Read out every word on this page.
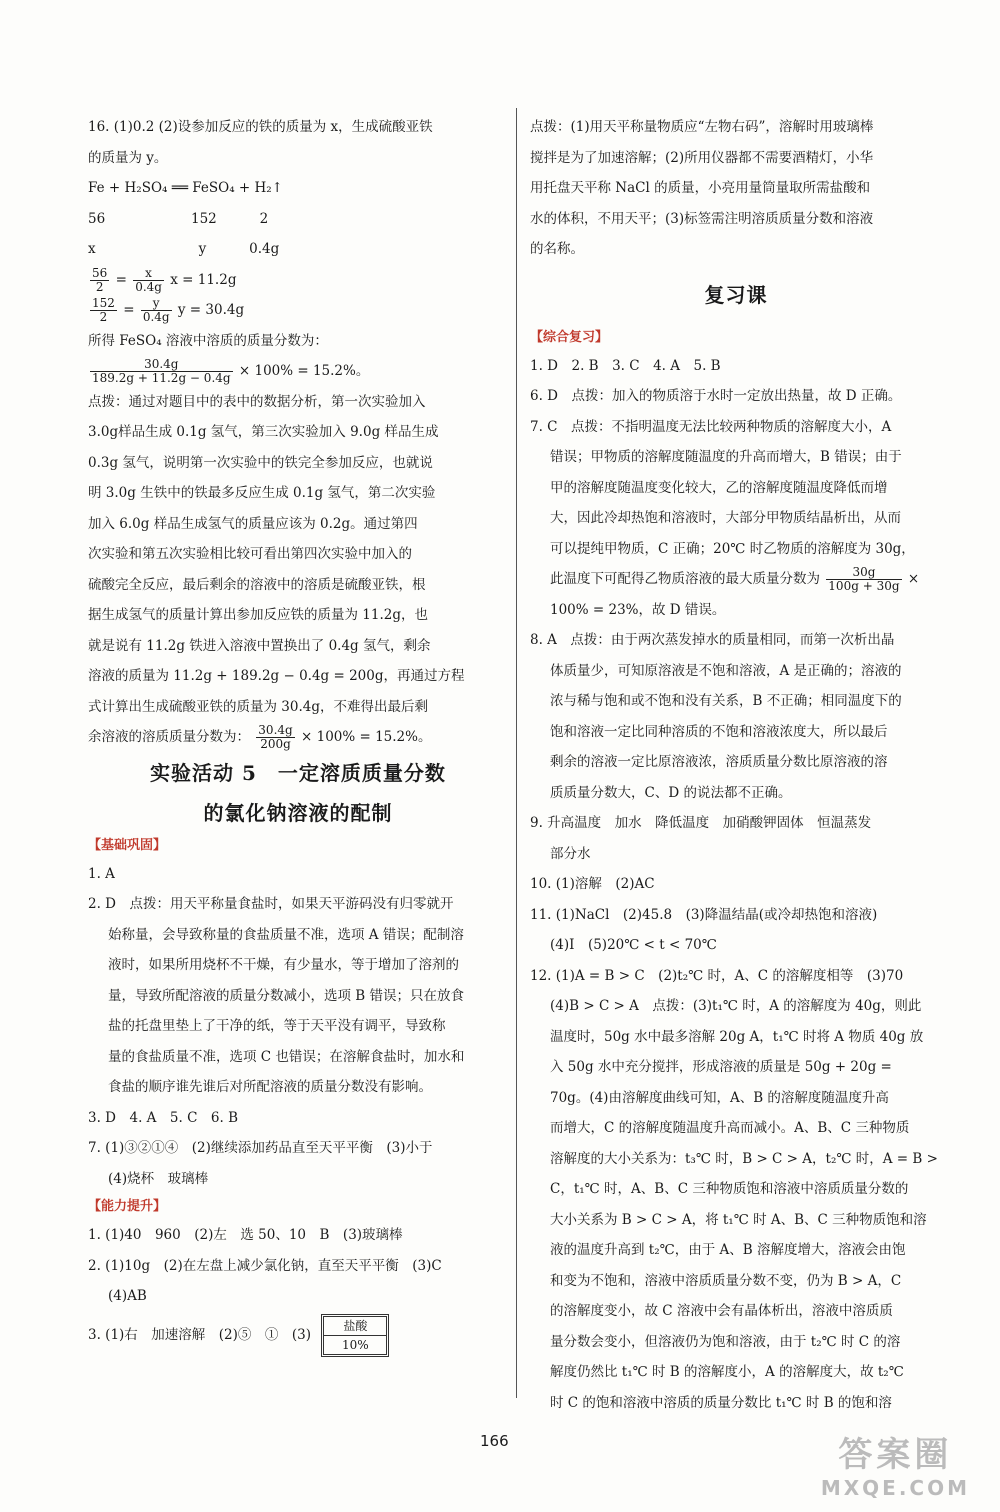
16. (1)0.2 (2)设参加反应的铁的质量为 x，生成硫酸亚铁
的质量为 y。
Fe + H₂SO₄ ══ FeSO₄ + H₂↑
56                    152          2
x                        y          0.4g
$\frac{56}{2} = \frac{x}{0.4g}$ x = 11.2g
$\frac{152}{2} = \frac{y}{0.4g}$ y = 30.4g
所得 FeSO₄ 溶液中溶质的质量分数为：
$\frac{30.4g}{189.2g + 11.2g - 0.4g} \times 100\% = 15.2\%$。
点拨：通过对题目中的表中的数据分析，第一次实验加入
3.0g样品生成 0.1g 氢气，第三次实验加入 9.0g 样品生成
0.3g 氢气，说明第一次实验中的铁完全参加反应，也就说
明 3.0g 生铁中的铁最多反应生成 0.1g 氢气，第二次实验
加入 6.0g 样品生成氢气的质量应该为 0.2g。通过第四
次实验和第五次实验相比较可看出第四次实验中加入的
硫酸完全反应，最后剩余的溶液中的溶质是硫酸亚铁，根
据生成氢气的质量计算出参加反应铁的质量为 11.2g，也
就是说有 11.2g 铁进入溶液中置换出了 0.4g 氢气，剩余
溶液的质量为 11.2g + 189.2g − 0.4g = 200g，再通过方程
式计算出生成硫酸亚铁的质量为 30.4g，不难得出最后剩
余溶液的溶质质量分数为： $\frac{30.4g}{200g} \times 100\% = 15.2\%$。
实验活动 5　一定溶质质量分数
的氯化钠溶液的配制
【基础巩固】
1. A
2. D　点拨：用天平称量食盐时，如果天平游码没有归零就开
始称量，会导致称量的食盐质量不准，选项 A 错误；配制溶
液时，如果所用烧杯不干燥，有少量水，等于增加了溶剂的
量，导致所配溶液的质量分数减小，选项 B 错误；只在放食
盐的托盘里垫上了干净的纸，等于天平没有调平，导致称
量的食盐质量不准，选项 C 也错误；在溶解食盐时，加水和
食盐的顺序谁先谁后对所配溶液的质量分数没有影响。
3. D　4. A　5. C　6. B
7. (1)③②①④　(2)继续添加药品直至天平平衡　(3)小于
(4)烧杯　玻璃棒
【能力提升】
1. (1)40　960　(2)左　选 50、10　B　(3)玻璃棒
2. (1)10g　(2)在左盘上减少氯化钠，直至天平平衡　(3)C
(4)AB
3. (1)右　加速溶解　(2)⑤　①　(3)
盐酸
10%
点拨：(1)用天平称量物质应“左物右码”，溶解时用玻璃棒
搅拌是为了加速溶解；(2)所用仪器都不需要酒精灯，小华
用托盘天平称 NaCl 的质量，小亮用量筒量取所需盐酸和
水的体积，不用天平；(3)标签需注明溶质质量分数和溶液
的名称。
复习课
【综合复习】
1. D　2. B　3. C　4. A　5. B
6. D　点拨：加入的物质溶于水时一定放出热量，故 D 正确。
7. C　点拨：不指明温度无法比较两种物质的溶解度大小，A
错误；甲物质的溶解度随温度的升高而增大，B 错误；由于
甲的溶解度随温度变化较大，乙的溶解度随温度降低而增
大，因此冷却热饱和溶液时，大部分甲物质结晶析出，从而
可以提纯甲物质，C 正确；20℃ 时乙物质的溶解度为 30g，
此温度下可配得乙物质溶液的最大质量分数为 $\frac{30g}{100g + 30g}$ ×
100% = 23%，故 D 错误。
8. A　点拨：由于两次蒸发掉水的质量相同，而第一次析出晶
体质量少，可知原溶液是不饱和溶液，A 是正确的；溶液的
浓与稀与饱和或不饱和没有关系，B 不正确；相同温度下的
饱和溶液一定比同种溶质的不饱和溶液浓度大，所以最后
剩余的溶液一定比原溶液浓，溶质质量分数比原溶液的溶
质质量分数大，C、D 的说法都不正确。
9. 升高温度　加水　降低温度　加硝酸钾固体　恒温蒸发
部分水
10. (1)溶解　(2)AC
11. (1)NaCl　(2)45.8　(3)降温结晶(或冷却热饱和溶液)
(4)Ⅰ　(5)20℃ < t < 70℃
12. (1)A = B > C　(2)t₂℃ 时，A、C 的溶解度相等　(3)70
(4)B > C > A　点拨：(3)t₁℃ 时，A 的溶解度为 40g，则此
温度时，50g 水中最多溶解 20g A，t₁℃ 时将 A 物质 40g 放
入 50g 水中充分搅拌，形成溶液的质量是 50g + 20g =
70g。(4)由溶解度曲线可知，A、B 的溶解度随温度升高
而增大，C 的溶解度随温度升高而减小。A、B、C 三种物质
溶解度的大小关系为：t₃℃ 时，B > C > A，t₂℃ 时，A = B >
C，t₁℃ 时，A、B、C 三种物质饱和溶液中溶质质量分数的
大小关系为 B > C > A，将 t₁℃ 时 A、B、C 三种物质饱和溶
液的温度升高到 t₂℃，由于 A、B 溶解度增大，溶液会由饱
和变为不饱和，溶液中溶质质量分数不变，仍为 B > A，C
的溶解度变小，故 C 溶液中会有晶体析出，溶液中溶质质
量分数会变小，但溶液仍为饱和溶液，由于 t₂℃ 时 C 的溶
解度仍然比 t₁℃ 时 B 的溶解度小，A 的溶解度大，故 t₂℃
时 C 的饱和溶液中溶质的质量分数比 t₁℃ 时 B 的饱和溶
166	答案圈
MXQE.COM
